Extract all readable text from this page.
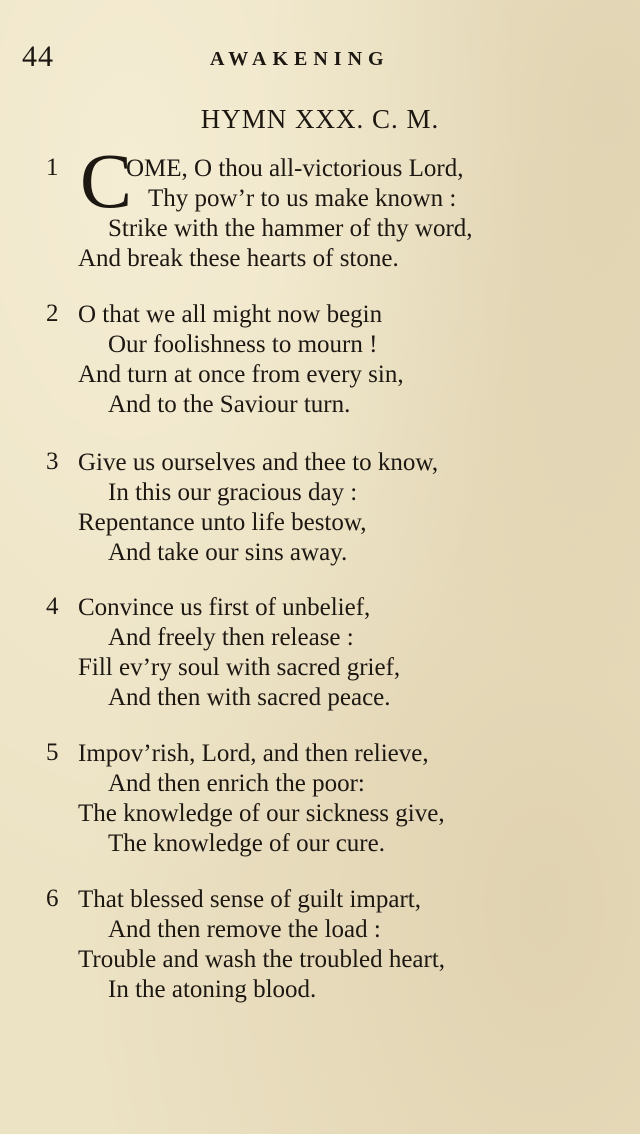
44	AWAKENING
HYMN XXX. C. M.
1 C
OME, O thou all-victorious Lord,
Thy pow’r to us make known :
Strike with the hammer of thy word,
And break these hearts of stone.
2 O that we all might now begin
Our foolishness to mourn !
And turn at once from every sin,
And to the Saviour turn.
3 Give us ourselves and thee to know,
In this our gracious day :
Repentance unto life bestow,
And take our sins away.
4 Convince us first of unbelief,
And freely then release :
Fill ev’ry soul with sacred grief,
And then with sacred peace.
5 Impov’rish, Lord, and then relieve,
And then enrich the poor:
The knowledge of our sickness give,
The knowledge of our cure.
6 That blessed sense of guilt impart,
And then remove the load :
Trouble and wash the troubled heart,
In the atoning blood.
